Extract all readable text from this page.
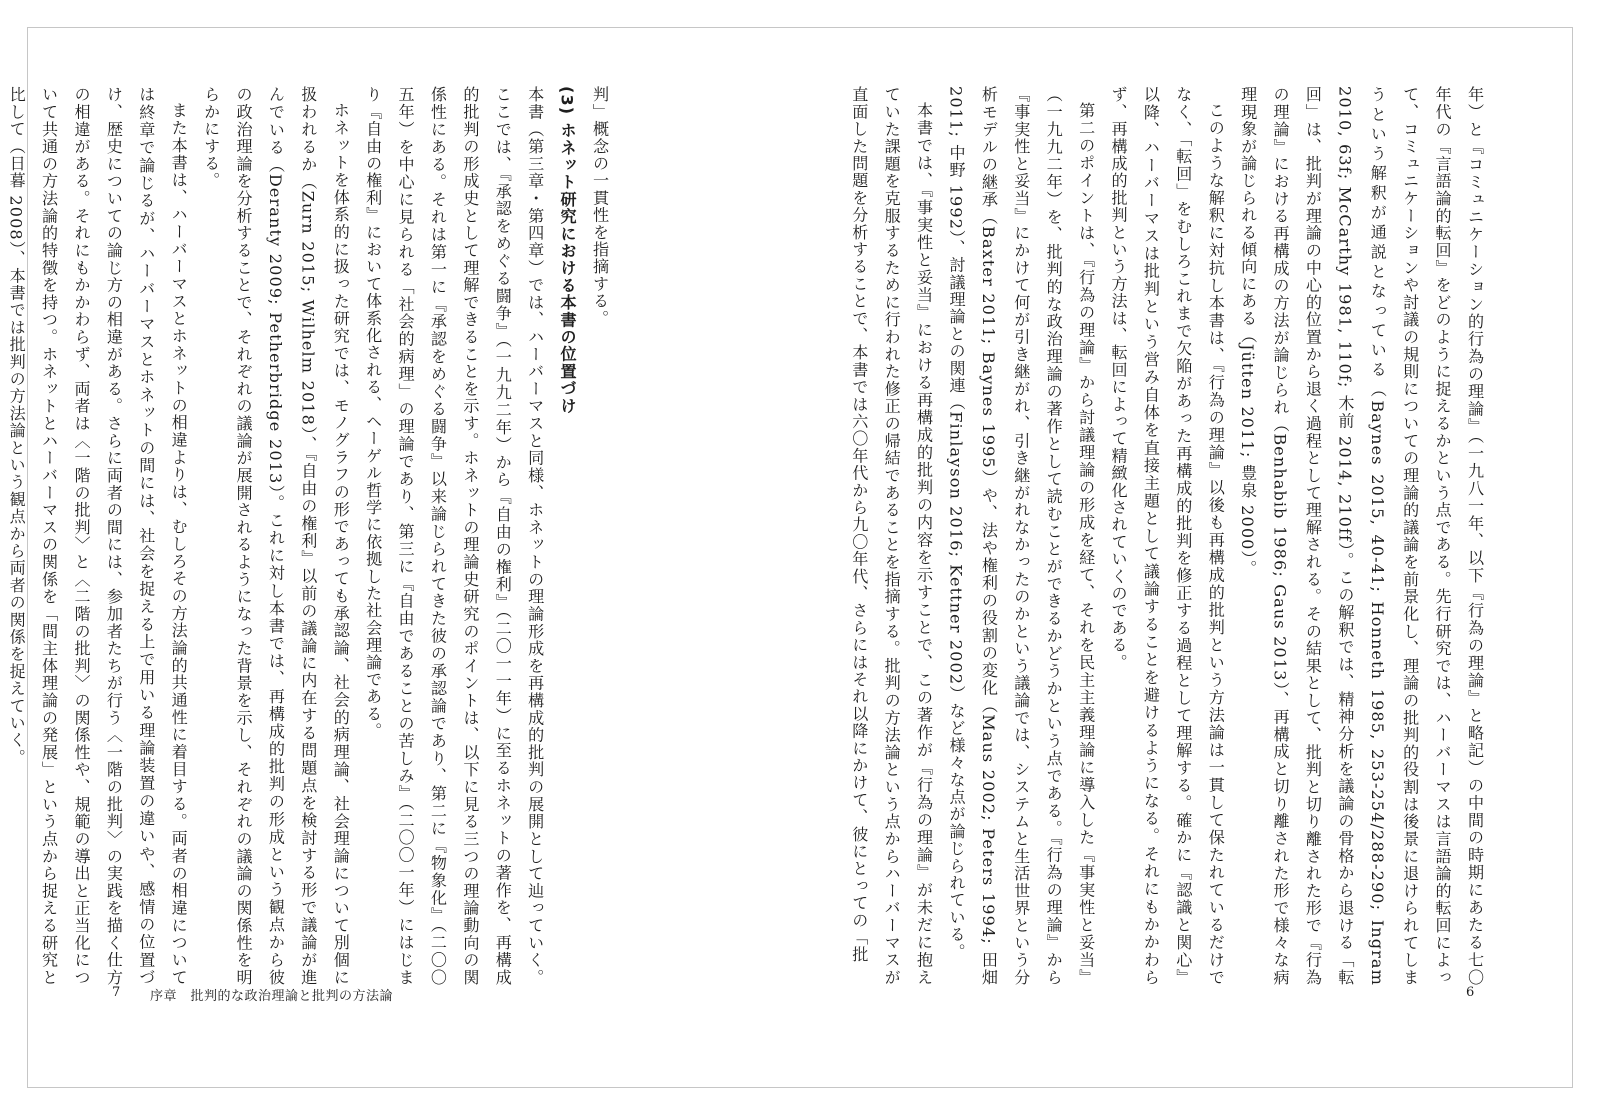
年）と『コミュニケーション的行為の理論』（一九八一年、以下『行為の理論』と略記）の中間の時期にあたる七〇年代の『言語論的転回』をどのように捉えるかという点である。先行研究では、ハーバーマスは言語論的転回によって、コミュニケーションや討議の規則についての理論的議論を前景化し、理論の批判的役割は後景に退けられてしまうという解釈が通説となっている（Baynes 2015, 40-41; Honneth 1985, 253-254/288-290; Ingram 2010, 63f; McCarthy 1981, 110f; 木前 2014, 210ff）。この解釈では、精神分析を議論の骨格から退ける「転回」は、批判が理論の中心的位置から退く過程として理解される。その結果として、批判と切り離された形で『行為の理論』における再構成の方法が論じられ（Benhabib 1986; Gaus 2013）、再構成と切り離された形で様々な病理現象が論じられる傾向にある（Jütten 2011; 豊泉 2000）。

このような解釈に対抗し本書は、『行為の理論』以後も再構成的批判という方法論は一貫して保たれているだけでなく、「転回」をむしろこれまで欠陥があった再構成的批判を修正する過程として理解する。確かに『認識と関心』以降、ハーバーマスは批判という営み自体を直接主題として議論することを避けるようになる。それにもかかわらず、再構成的批判という方法は、転回によって精緻化されていくのである。

第二のポイントは、『行為の理論』から討議理論の形成を経て、それを民主主義理論に導入した『事実性と妥当』（一九九二年）を、批判的な政治理論の著作として読むことができるかどうかという点である。『行為の理論』から『事実性と妥当』にかけて何が引き継がれ、引き継がれなかったのかという議論では、システムと生活世界という分析モデルの継承（Baxter 2011; Baynes 1995）や、法や権利の役割の変化（Maus 2002; Peters 1994; 田畑 2011; 中野 1992）、討議理論との関連（Finlayson 2016; Kettner 2002）など様々な点が論じられている。

本書では、『事実性と妥当』における再構成的批判の内容を示すことで、この著作が『行為の理論』が未だに抱えていた課題を克服するために行われた修正の帰結であることを指摘する。批判の方法論という点からハーバーマスが直面した問題を分析することで、本書では六〇年代から九〇年代、さらにはそれ以降にかけて、彼にとっての「批

判」概念の一貫性を指摘する。

(3) ホネット研究における本書の位置づけ

本書（第三章・第四章）では、ハーバーマスと同様、ホネットの理論形成を再構成的批判の展開として辿っていく。ここでは、『承認をめぐる闘争』（一九九二年）から『自由の権利』（二〇一一年）に至るホネットの著作を、再構成的批判の形成史として理解できることを示す。ホネットの理論史研究のポイントは、以下に見る三つの理論動向の関係性にある。それは第一に『承認をめぐる闘争』以来論じられてきた彼の承認論であり、第二に『物象化』（二〇〇五年）を中心に見られる「社会的病理」の理論であり、第三に『自由であることの苦しみ』（二〇〇一年）にはじまり『自由の権利』において体系化される、ヘーゲル哲学に依拠した社会理論である。

ホネットを体系的に扱った研究では、モノグラフの形であっても承認論、社会的病理論、社会理論について別個に扱われるか（Zurn 2015; Wilhelm 2018）、『自由の権利』以前の議論に内在する問題点を検討する形で議論が進んでいる（Deranty 2009; Petherbridge 2013）。これに対し本書では、再構成的批判の形成という観点から彼の政治理論を分析することで、それぞれの議論が展開されるようになった背景を示し、それぞれの議論の関係性を明らかにする。

また本書は、ハーバーマスとホネットの相違よりは、むしろその方法論的共通性に着目する。両者の相違については終章で論じるが、ハーバーマスとホネットの間には、社会を捉える上で用いる理論装置の違いや、感情の位置づけ、歴史についての論じ方の相違がある。さらに両者の間には、参加者たちが行う〈一階の批判〉の実践を描く仕方の相違がある。それにもかかわらず、両者は〈一階の批判〉と〈二階の批判〉の関係性や、規範の導出と正当化について共通の方法論的特徴を持つ。ホネットとハーバーマスの関係を「間主体理論の発展」という点から捉える研究と比して（日暮 2008）、本書では批判の方法論という観点から両者の関係を捉えていく。

6
7 序章　批判的な政治理論と批判の方法論
